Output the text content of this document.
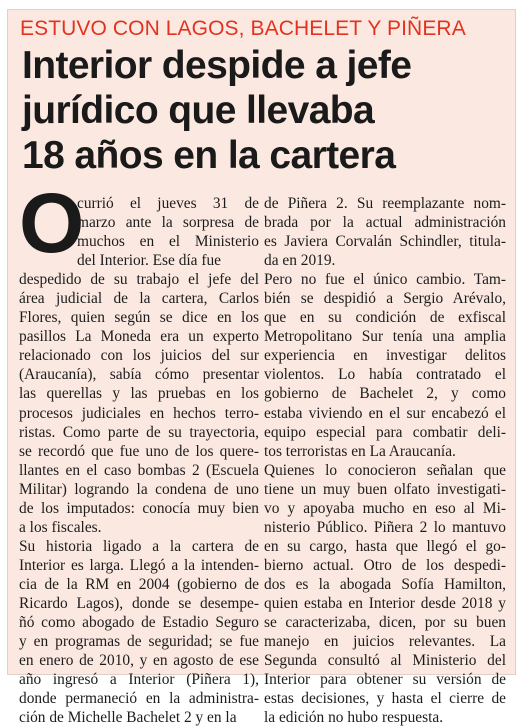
ESTUVO CON LAGOS, BACHELET Y PIÑERA
Interior despide a jefe
jurídico que llevaba
18 años en la cartera
O
currió el jueves 31 de
marzo ante la sorpresa de
muchos en el Ministerio
del Interior. Ese día fue
despedido de su trabajo el jefe del
área judicial de la cartera, Carlos
Flores, quien según se dice en los
pasillos La Moneda era un experto
relacionado con los juicios del sur
(Araucanía), sabía cómo presentar
las querellas y las pruebas en los
procesos judiciales en hechos terro-
ristas. Como parte de su trayectoria,
se recordó que fue uno de los quere-
llantes en el caso bombas 2 (Escuela
Militar) logrando la condena de uno
de los imputados: conocía muy bien
a los fiscales.
Su historia ligado a la cartera de
Interior es larga. Llegó a la intenden-
cia de la RM en 2004 (gobierno de
Ricardo Lagos), donde se desempe-
ñó como abogado de Estadio Seguro
y en programas de seguridad; se fue
en enero de 2010, y en agosto de ese
año ingresó a Interior (Piñera 1),
donde permaneció en la administra-
ción de Michelle Bachelet 2 y en la
de Piñera 2. Su reemplazante nom-
brada por la actual administración
es Javiera Corvalán Schindler, titula-
da en 2019.
Pero no fue el único cambio. Tam-
bién se despidió a Sergio Arévalo,
que en su condición de exfiscal
Metropolitano Sur tenía una amplia
experiencia en investigar delitos
violentos. Lo había contratado el
gobierno de Bachelet 2, y como
estaba viviendo en el sur encabezó el
equipo especial para combatir deli-
tos terroristas en La Araucanía.
Quienes lo conocieron señalan que
tiene un muy buen olfato investigati-
vo y apoyaba mucho en eso al Mi-
nisterio Público. Piñera 2 lo mantuvo
en su cargo, hasta que llegó el go-
bierno actual. Otro de los despedi-
dos es la abogada Sofía Hamilton,
quien estaba en Interior desde 2018 y
se caracterizaba, dicen, por su buen
manejo en juicios relevantes. La
Segunda consultó al Ministerio del
Interior para obtener su versión de
estas decisiones, y hasta el cierre de
la edición no hubo respuesta.
